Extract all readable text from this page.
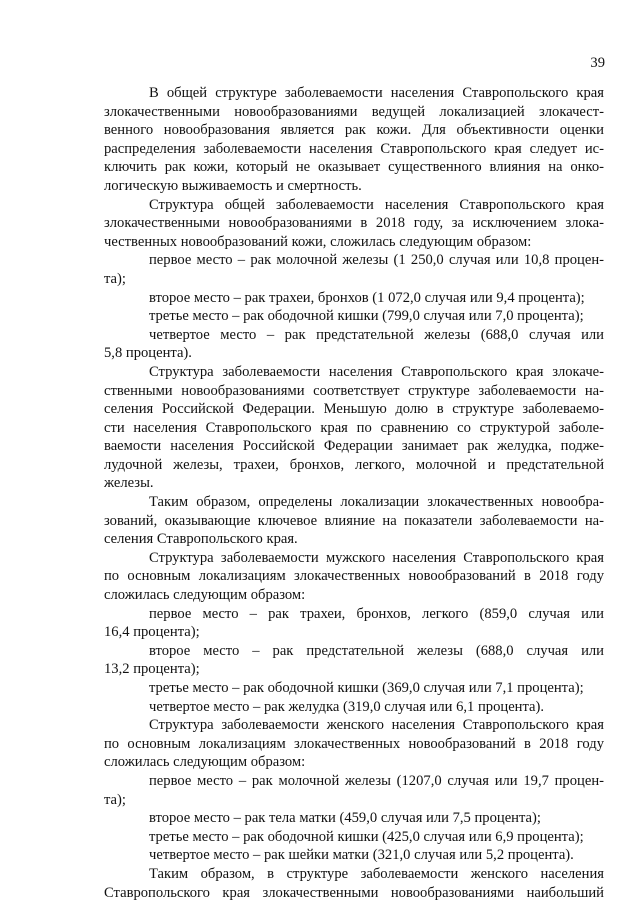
39

В общей структуре заболеваемости населения Ставропольского края

злокачественными новообразованиями ведущей локализацией злокачест-

венного новообразования является рак кожи. Для объективности оценки

распределения заболеваемости населения Ставропольского края следует ис-

ключить рак кожи, который не оказывает существенного влияния на онко-

логическую выживаемость и смертность.

Структура общей заболеваемости населения Ставропольского края

злокачественными новообразованиями в 2018 году, за исключением злока-

чественных новообразований кожи, сложилась следующим образом:

первое место – рак молочной железы (1 250,0 случая или 10,8 процен-

та);

второе место – рак трахеи, бронхов (1 072,0 случая или 9,4 процента);

третье место – рак ободочной кишки (799,0 случая или 7,0 процента);

четвертое место – рак предстательной железы (688,0 случая или

5,8 процента).

Структура заболеваемости населения Ставропольского края злокаче-

ственными новообразованиями соответствует структуре заболеваемости на-

селения Российской Федерации. Меньшую долю в структуре заболеваемо-

сти населения Ставропольского края по сравнению со структурой заболе-

ваемости населения Российской Федерации занимает рак желудка, подже-

лудочной железы, трахеи, бронхов, легкого, молочной и предстательной

железы.

Таким образом, определены локализации злокачественных новообра-

зований, оказывающие ключевое влияние на показатели заболеваемости на-

селения Ставропольского края.

Структура заболеваемости мужского населения Ставропольского края

по основным локализациям злокачественных новообразований в 2018 году

сложилась следующим образом:

первое место – рак трахеи, бронхов, легкого (859,0 случая или

16,4 процента);

второе место – рак предстательной железы (688,0 случая или

13,2 процента);

третье место – рак ободочной кишки (369,0 случая или 7,1 процента);

четвертое место – рак желудка (319,0 случая или 6,1 процента).

Структура заболеваемости женского населения Ставропольского края

по основным локализациям злокачественных новообразований в 2018 году

сложилась следующим образом:

первое место – рак молочной железы (1207,0 случая или 19,7 процен-

та);

второе место – рак тела матки (459,0 случая или 7,5 процента);

третье место – рак ободочной кишки (425,0 случая или 6,9 процента);

четвертое место – рак шейки матки (321,0 случая или 5,2 процента).

Таким образом, в структуре заболеваемости женского населения

Ставропольского края злокачественными новообразованиями наибольший
